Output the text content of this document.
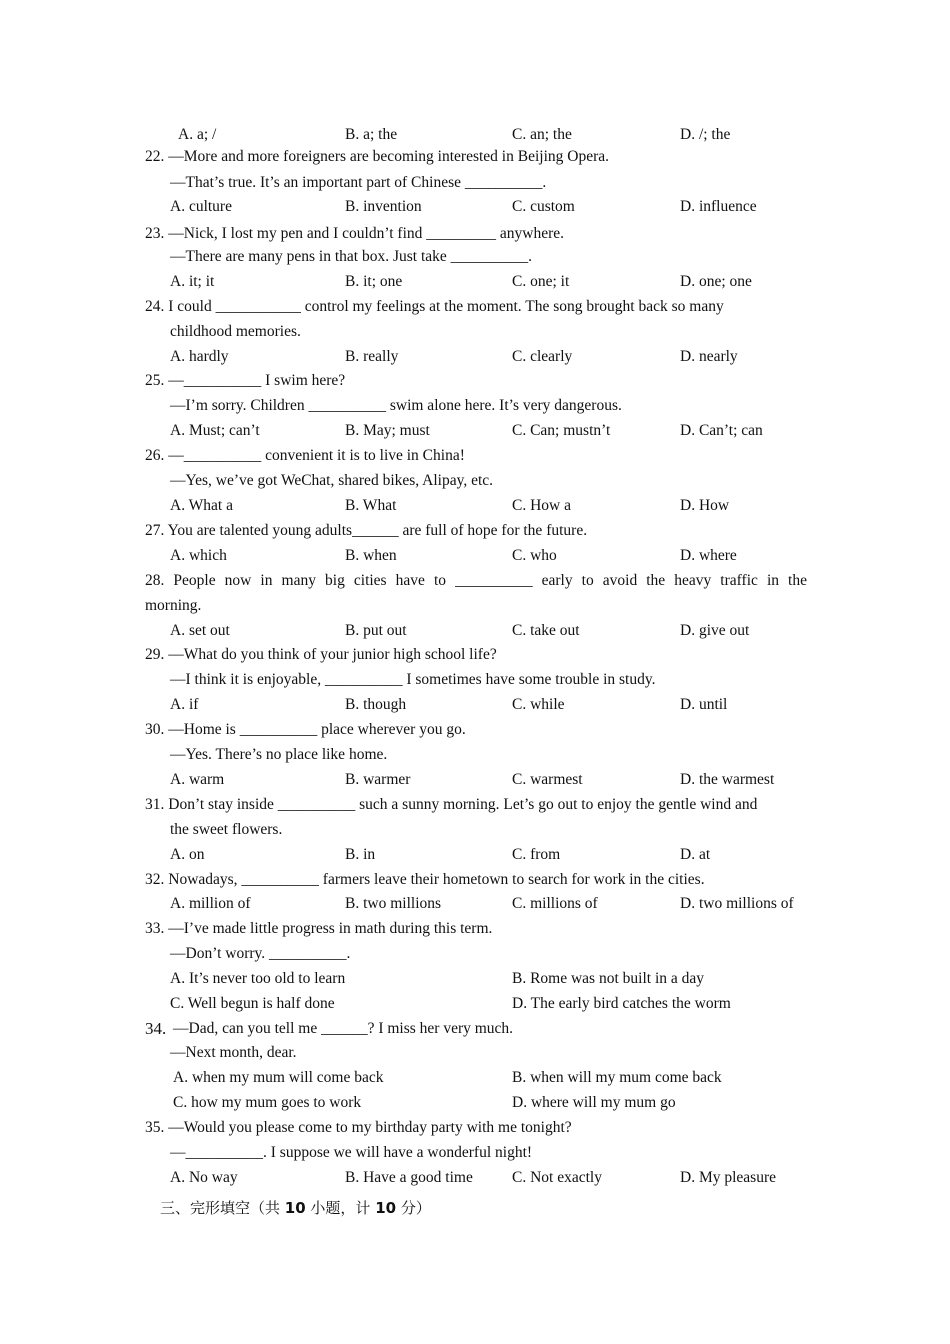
A. a; /	B. a; the	C. an; the	D. /; the
22. —More and more foreigners are becoming interested in Beijing Opera.
—That’s true. It’s an important part of Chinese __________.
A. culture	B. invention	C. custom	D. influence
23. —Nick, I lost my pen and I couldn’t find _________ anywhere.
—There are many pens in that box. Just take __________.
A. it; it	B. it; one	C. one; it	D. one; one
24. I could ___________ control my feelings at the moment. The song brought back so many
childhood memories.
A. hardly	B. really	C. clearly	D. nearly
25. —__________ I swim here?
—I’m sorry. Children __________ swim alone here. It’s very dangerous.
A. Must; can’t	B. May; must	C. Can; mustn’t	D. Can’t; can
26. —__________ convenient it is to live in China!
—Yes, we’ve got WeChat, shared bikes, Alipay, etc.
A. What a	B. What	C. How a	D. How
27. You are talented young adults______ are full of hope for the future.
A. which	B. when	C. who	D. where
28. People now in many big cities have to __________ early to avoid the heavy traffic in the
morning.
A. set out	B. put out	C. take out	D. give out
29. —What do you think of your junior high school life?
—I think it is enjoyable, __________ I sometimes have some trouble in study.
A. if	B. though	C. while	D. until
30. —Home is __________ place wherever you go.
—Yes. There’s no place like home.
A. warm	B. warmer	C. warmest	D. the warmest
31. Don’t stay inside __________ such a sunny morning. Let’s go out to enjoy the gentle wind and
the sweet flowers.
A. on	B. in	C. from	D. at
32. Nowadays, __________ farmers leave their hometown to search for work in the cities.
A. million of	B. two millions	C. millions of	D. two millions of
33. —I’ve made little progress in math during this term.
—Don’t worry. __________.
A. It’s never too old to learn	B. Rome was not built in a day
C. Well begun is half done	D. The early bird catches the worm
34. —Dad, can you tell me ______? I miss her very much.
—Next month, dear.
A. when my mum will come back	B. when will my mum come back
C. how my mum goes to work	D. where will my mum go
35. —Would you please come to my birthday party with me tonight?
—__________. I suppose we will have a wonderful night!
A. No way	B. Have a good time	C. Not exactly	D. My pleasure
三、完形填空（共 10 小题，计 10 分）
